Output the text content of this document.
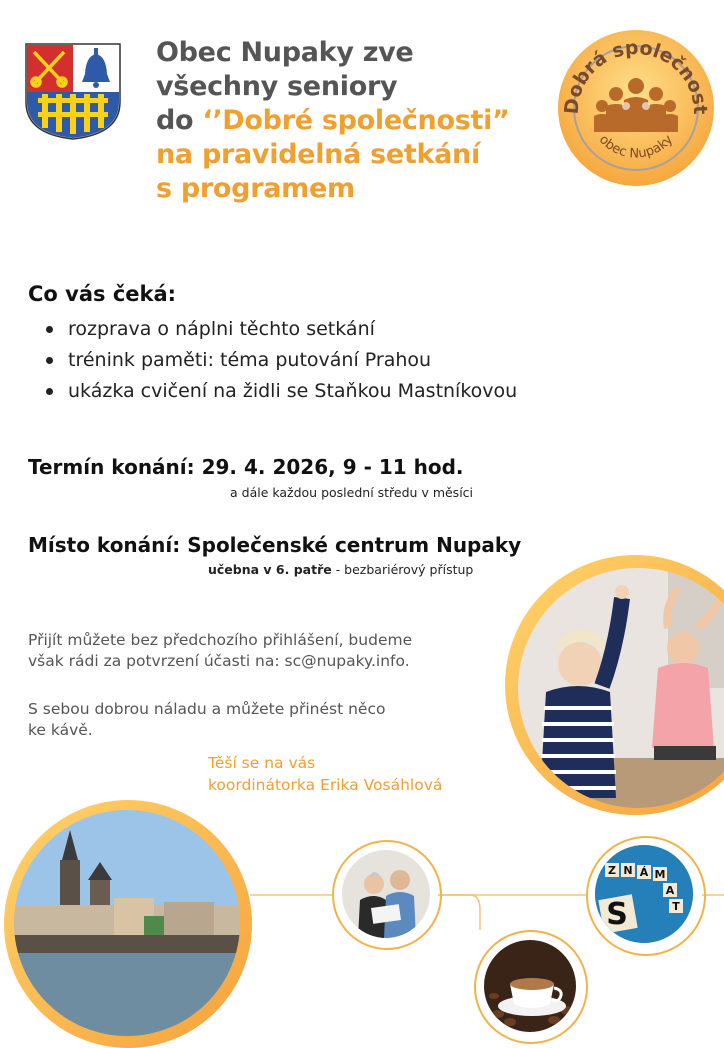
Obec Nupaky zve
všechny seniory
do ‘’Dobré společnosti”
na pravidelná setkání
s programem
Dobrá společnost
obec Nupaky
Co vás čeká:
rozprava o náplni těchto setkání
trénink paměti: téma putování Prahou
ukázka cvičení na židli se Staňkou Mastníkovou
Termín konání: 29. 4. 2026, 9 - 11 hod.
a dále každou poslední středu v měsíci
Místo konání: Společenské centrum Nupaky
učebna v 6. patře - bezbariérový přístup
Přijít můžete bez předchozího přihlášení, budeme
však rádi za potvrzení účasti na: sc@nupaky.info.
S sebou dobrou náladu a můžete přinést něco
ke kávě.
Těší se na vás
koordinátorka Erika Vosáhlová
Z N Á M
A
T
S
